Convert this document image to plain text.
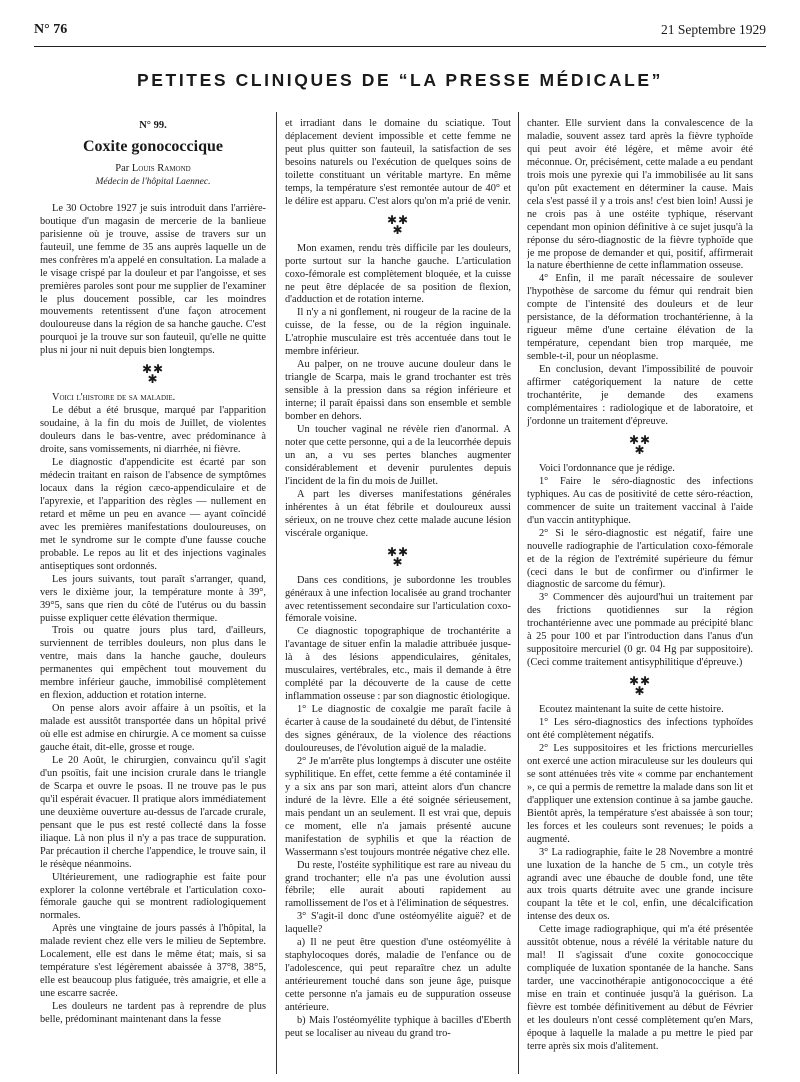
N° 76	21 Septembre 1929
PETITES CLINIQUES DE “LA PRESSE MÉDICALE”
N° 99.
Coxite gonococcique

Par Louis Ramond

Médecin de l'hôpital Laennec.

Le 30 Octobre 1927 je suis introduit dans l'arrière-boutique d'un magasin de mercerie de la banlieue parisienne où je trouve, assise de travers sur un fauteuil, une femme de 35 ans auprès laquelle un de mes confrères m'a appelé en consultation. La malade a le visage crispé par la douleur et par l'angoisse, et ses premières paroles sont pour me supplier de l'examiner le plus doucement possible, car les moindres mouvements retentissent d'une façon atrocement douloureuse dans la région de sa hanche gauche. C'est pourquoi je la trouve sur son fauteuil, qu'elle ne quitte plus ni jour ni nuit depuis bien longtemps.

✱✱
✱

Voici l'histoire de sa maladie.

Le début a été brusque, marqué par l'apparition soudaine, à la fin du mois de Juillet, de violentes douleurs dans le bas-ventre, avec prédominance à droite, sans vomissements, ni diarrhée, ni fièvre.

Le diagnostic d'appendicite est écarté par son médecin traitant en raison de l'absence de symptômes locaux dans la région cæco-appendiculaire et de l'apyrexie, et l'apparition des règles — nullement en retard et même un peu en avance — ayant coïncidé avec les premières manifestations douloureuses, on met le syndrome sur le compte d'une fausse couche probable. Le repos au lit et des injections vaginales antiseptiques sont ordonnés.

Les jours suivants, tout paraît s'arranger, quand, vers le dixième jour, la température monte à 39°, 39°5, sans que rien du côté de l'utérus ou du bassin puisse expliquer cette élévation thermique.

Trois ou quatre jours plus tard, d'ailleurs, surviennent de terribles douleurs, non plus dans le ventre, mais dans la hanche gauche, douleurs permanentes qui empêchent tout mouvement du membre inférieur gauche, immobilisé complètement en flexion, adduction et rotation interne.

On pense alors avoir affaire à un psoïtis, et la malade est aussitôt transportée dans un hôpital privé où elle est admise en chirurgie. A ce moment sa cuisse gauche était, dit-elle, grosse et rouge.

Le 20 Août, le chirurgien, convaincu qu'il s'agit d'un psoïtis, fait une incision crurale dans le triangle de Scarpa et ouvre le psoas. Il ne trouve pas le pus qu'il espérait évacuer. Il pratique alors immédiatement une deuxième ouverture au-dessus de l'arcade crurale, pensant que le pus est resté collecté dans la fosse iliaque. Là non plus il n'y a pas trace de suppuration. Par précaution il cherche l'appendice, le trouve sain, il le résèque néanmoins.

Ultérieurement, une radiographie est faite pour explorer la colonne vertébrale et l'articulation coxo-fémorale gauche qui se montrent radiologiquement normales.

Après une vingtaine de jours passés à l'hôpital, la malade revient chez elle vers le milieu de Septembre. Localement, elle est dans le même état; mais, si sa température s'est légèrement abaissée à 37°8, 38°5, elle est beaucoup plus fatiguée, très amaigrie, et elle a une escarre sacrée.

Les douleurs ne tardent pas à reprendre de plus belle, prédominant maintenant dans la fesse

et irradiant dans le domaine du sciatique. Tout déplacement devient impossible et cette femme ne peut plus quitter son fauteuil, la satisfaction de ses besoins naturels ou l'exécution de quelques soins de toilette constituant un véritable martyre. En même temps, la température s'est remontée autour de 40° et le délire est apparu. C'est alors qu'on m'a prié de venir.

✱✱
✱

Mon examen, rendu très difficile par les douleurs, porte surtout sur la hanche gauche. L'articulation coxo-fémorale est complètement bloquée, et la cuisse ne peut être déplacée de sa position de flexion, d'adduction et de rotation interne.

Il n'y a ni gonflement, ni rougeur de la racine de la cuisse, de la fesse, ou de la région inguinale. L'atrophie musculaire est très accentuée dans tout le membre inférieur.

Au palper, on ne trouve aucune douleur dans le triangle de Scarpa, mais le grand trochanter est très sensible à la pression dans sa région inférieure et interne; il paraît épaissi dans son ensemble et semble bomber en dehors.

Un toucher vaginal ne révèle rien d'anormal. A noter que cette personne, qui a de la leucorrhée depuis un an, a vu ses pertes blanches augmenter considérablement et devenir purulentes depuis l'incident de la fin du mois de Juillet.

A part les diverses manifestations générales inhérentes à un état fébrile et douloureux aussi sérieux, on ne trouve chez cette malade aucune lésion viscérale organique.

✱✱
✱

Dans ces conditions, je subordonne les troubles généraux à une infection localisée au grand trochanter avec retentissement secondaire sur l'articulation coxo-fémorale voisine.

Ce diagnostic topographique de trochantérite a l'avantage de situer enfin la maladie attribuée jusque-là à des lésions appendiculaires, génitales, musculaires, vertébrales, etc., mais il demande à être complété par la découverte de la cause de cette inflammation osseuse : par son diagnostic étiologique.

1° Le diagnostic de coxalgie me paraît facile à écarter à cause de la soudaineté du début, de l'intensité des signes généraux, de la violence des réactions douloureuses, de l'évolution aiguë de la maladie.

2° Je m'arrête plus longtemps à discuter une ostéite syphilitique. En effet, cette femme a été contaminée il y a six ans par son mari, atteint alors d'un chancre induré de la lèvre. Elle a été soignée sérieusement, mais pendant un an seulement. Il est vrai que, depuis ce moment, elle n'a jamais présenté aucune manifestation de syphilis et que la réaction de Wassermann s'est toujours montrée négative chez elle.

Du reste, l'ostéite syphilitique est rare au niveau du grand trochanter; elle n'a pas une évolution aussi fébrile; elle aurait abouti rapidement au ramollissement de l'os et à l'élimination de séquestres.

3° S'agit-il donc d'une ostéomyélite aiguë? et de laquelle?

a) Il ne peut être question d'une ostéomyélite à staphylocoques dorés, maladie de l'enfance ou de l'adolescence, qui peut reparaître chez un adulte antérieurement touché dans son jeune âge, puisque cette personne n'a jamais eu de suppuration osseuse antérieure.

b) Mais l'ostéomyélite typhique à bacilles d'Eberth peut se localiser au niveau du grand tro-

chanter. Elle survient dans la convalescence de la maladie, souvent assez tard après la fièvre typhoïde qui peut avoir été légère, et même avoir été méconnue. Or, précisément, cette malade a eu pendant trois mois une pyrexie qui l'a immobilisée au lit sans qu'on pût exactement en déterminer la cause. Mais cela s'est passé il y a trois ans! c'est bien loin! Aussi je ne crois pas à une ostéite typhique, réservant cependant mon opinion définitive à ce sujet jusqu'à la réponse du séro-diagnostic de la fièvre typhoïde que je me propose de demander et qui, positif, affirmerait la nature éberthienne de cette inflammation osseuse.

4° Enfin, il me paraît nécessaire de soulever l'hypothèse de sarcome du fémur qui rendrait bien compte de l'intensité des douleurs et de leur persistance, de la déformation trochantérienne, à la rigueur même d'une certaine élévation de la température, cependant bien trop marquée, me semble-t-il, pour un néoplasme.

En conclusion, devant l'impossibilité de pouvoir affirmer catégoriquement la nature de cette trochantérite, je demande des examens complémentaires : radiologique et de laboratoire, et j'ordonne un traitement d'épreuve.

✱✱
✱

Voici l'ordonnance que je rédige.

1° Faire le séro-diagnostic des infections typhiques. Au cas de positivité de cette séro-réaction, commencer de suite un traitement vaccinal à l'aide d'un vaccin antityphique.

2° Si le séro-diagnostic est négatif, faire une nouvelle radiographie de l'articulation coxo-fémorale et de la région de l'extrémité supérieure du fémur (ceci dans le but de confirmer ou d'infirmer le diagnostic de sarcome du fémur).

3° Commencer dès aujourd'hui un traitement par des frictions quotidiennes sur la région trochantérienne avec une pommade au précipité blanc à 25 pour 100 et par l'introduction dans l'anus d'un suppositoire mercuriel (0 gr. 04 Hg par suppositoire). (Ceci comme traitement antisyphilitique d'épreuve.)

✱✱
✱

Ecoutez maintenant la suite de cette histoire.

1° Les séro-diagnostics des infections typhoïdes ont été complètement négatifs.

2° Les suppositoires et les frictions mercurielles ont exercé une action miraculeuse sur les douleurs qui se sont atténuées très vite « comme par enchantement », ce qui a permis de remettre la malade dans son lit et d'appliquer une extension continue à sa jambe gauche. Bientôt après, la température s'est abaissée à son tour; les forces et les couleurs sont revenues; le poids a augmenté.

3° La radiographie, faite le 28 Novembre a montré une luxation de la hanche de 5 cm., un cotyle très agrandi avec une ébauche de double fond, une tête aux trois quarts détruite avec une grande incisure coupant la tête et le col, enfin, une décalcification intense des deux os.

Cette image radiographique, qui m'a été présentée aussitôt obtenue, nous a révélé la véritable nature du mal! Il s'agissait d'une coxite gonococcique compliquée de luxation spontanée de la hanche. Sans tarder, une vaccinothérapie antigonococcique a été mise en train et continuée jusqu'à la guérison. La fièvre est tombée définitivement au début de Février et les douleurs n'ont cessé complètement qu'en Mars, époque à laquelle la malade a pu mettre le pied par terre après six mois d'alitement.
